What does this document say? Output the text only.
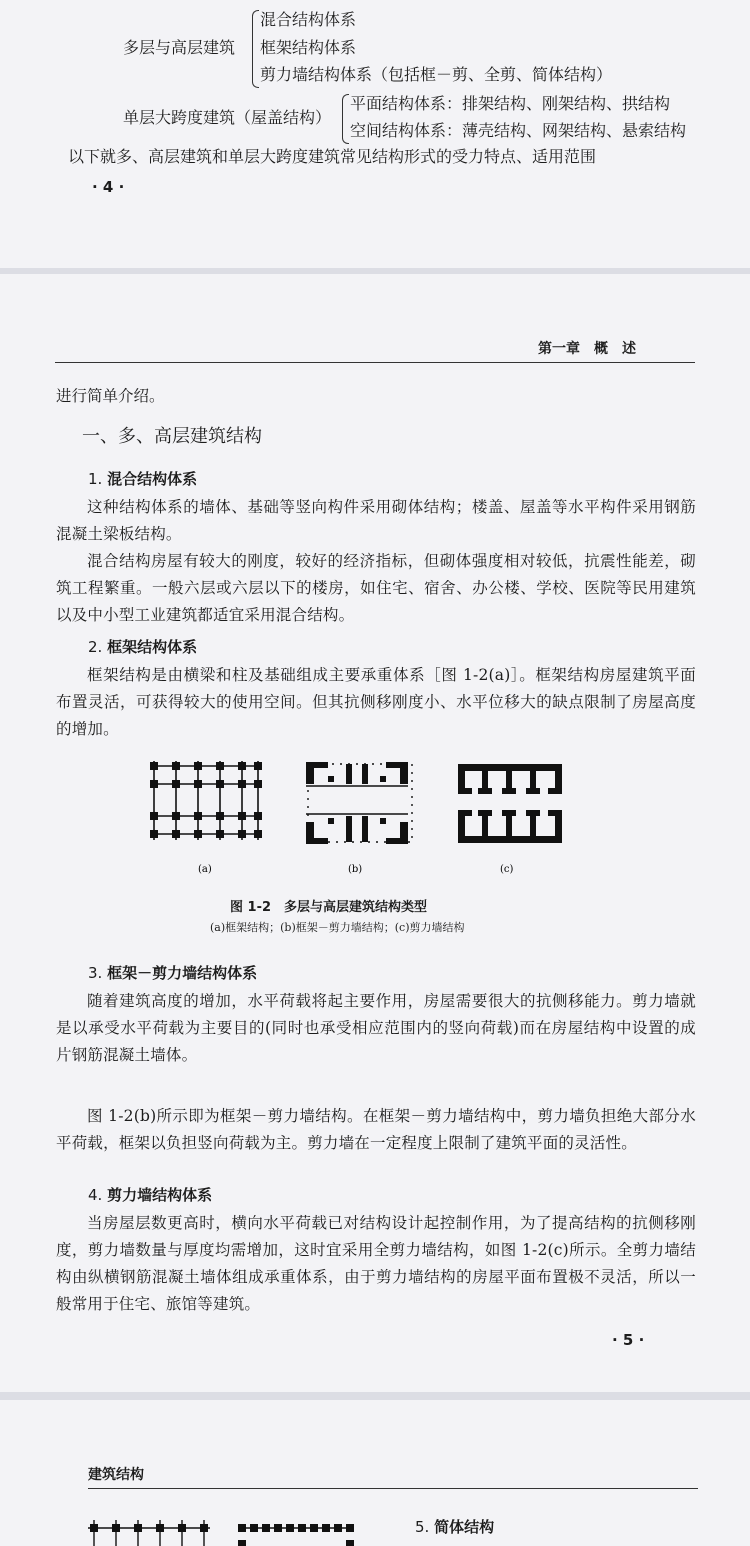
多层与高层建筑
混合结构体系
框架结构体系
剪力墙结构体系（包括框－剪、全剪、简体结构）
单层大跨度建筑（屋盖结构）
平面结构体系：排架结构、刚架结构、拱结构
空间结构体系：薄壳结构、网架结构、悬索结构
以下就多、高层建筑和单层大跨度建筑常见结构形式的受力特点、适用范围
· 4 ·
第一章　概　述
进行简单介绍。
一、多、高层建筑结构
1. 混合结构体系
这种结构体系的墙体、基础等竖向构件采用砌体结构；楼盖、屋盖等水平构件采用钢筋混凝土梁板结构。
混合结构房屋有较大的刚度，较好的经济指标，但砌体强度相对较低，抗震性能差，砌筑工程繁重。一般六层或六层以下的楼房，如住宅、宿舍、办公楼、学校、医院等民用建筑以及中小型工业建筑都适宜采用混合结构。
2. 框架结构体系
框架结构是由横梁和柱及基础组成主要承重体系［图 1-2(a)］。框架结构房屋建筑平面布置灵活，可获得较大的使用空间。但其抗侧移刚度小、水平位移大的缺点限制了房屋高度的增加。
(a)	(b)	(c)
图 1-2　多层与高层建筑结构类型
(a)框架结构；(b)框架－剪力墙结构；(c)剪力墙结构
3. 框架－剪力墙结构体系
随着建筑高度的增加，水平荷载将起主要作用，房屋需要很大的抗侧移能力。剪力墙就是以承受水平荷载为主要目的(同时也承受相应范围内的竖向荷载)而在房屋结构中设置的成片钢筋混凝土墙体。
图 1-2(b)所示即为框架－剪力墙结构。在框架－剪力墙结构中，剪力墙负担绝大部分水平荷载，框架以负担竖向荷载为主。剪力墙在一定程度上限制了建筑平面的灵活性。
4. 剪力墙结构体系
当房屋层数更高时，横向水平荷载已对结构设计起控制作用，为了提高结构的抗侧移刚度，剪力墙数量与厚度均需增加，这时宜采用全剪力墙结构，如图 1-2(c)所示。全剪力墙结构由纵横钢筋混凝土墙体组成承重体系，由于剪力墙结构的房屋平面布置极不灵活，所以一般常用于住宅、旅馆等建筑。
· 5 ·
建筑结构
5. 简体结构
